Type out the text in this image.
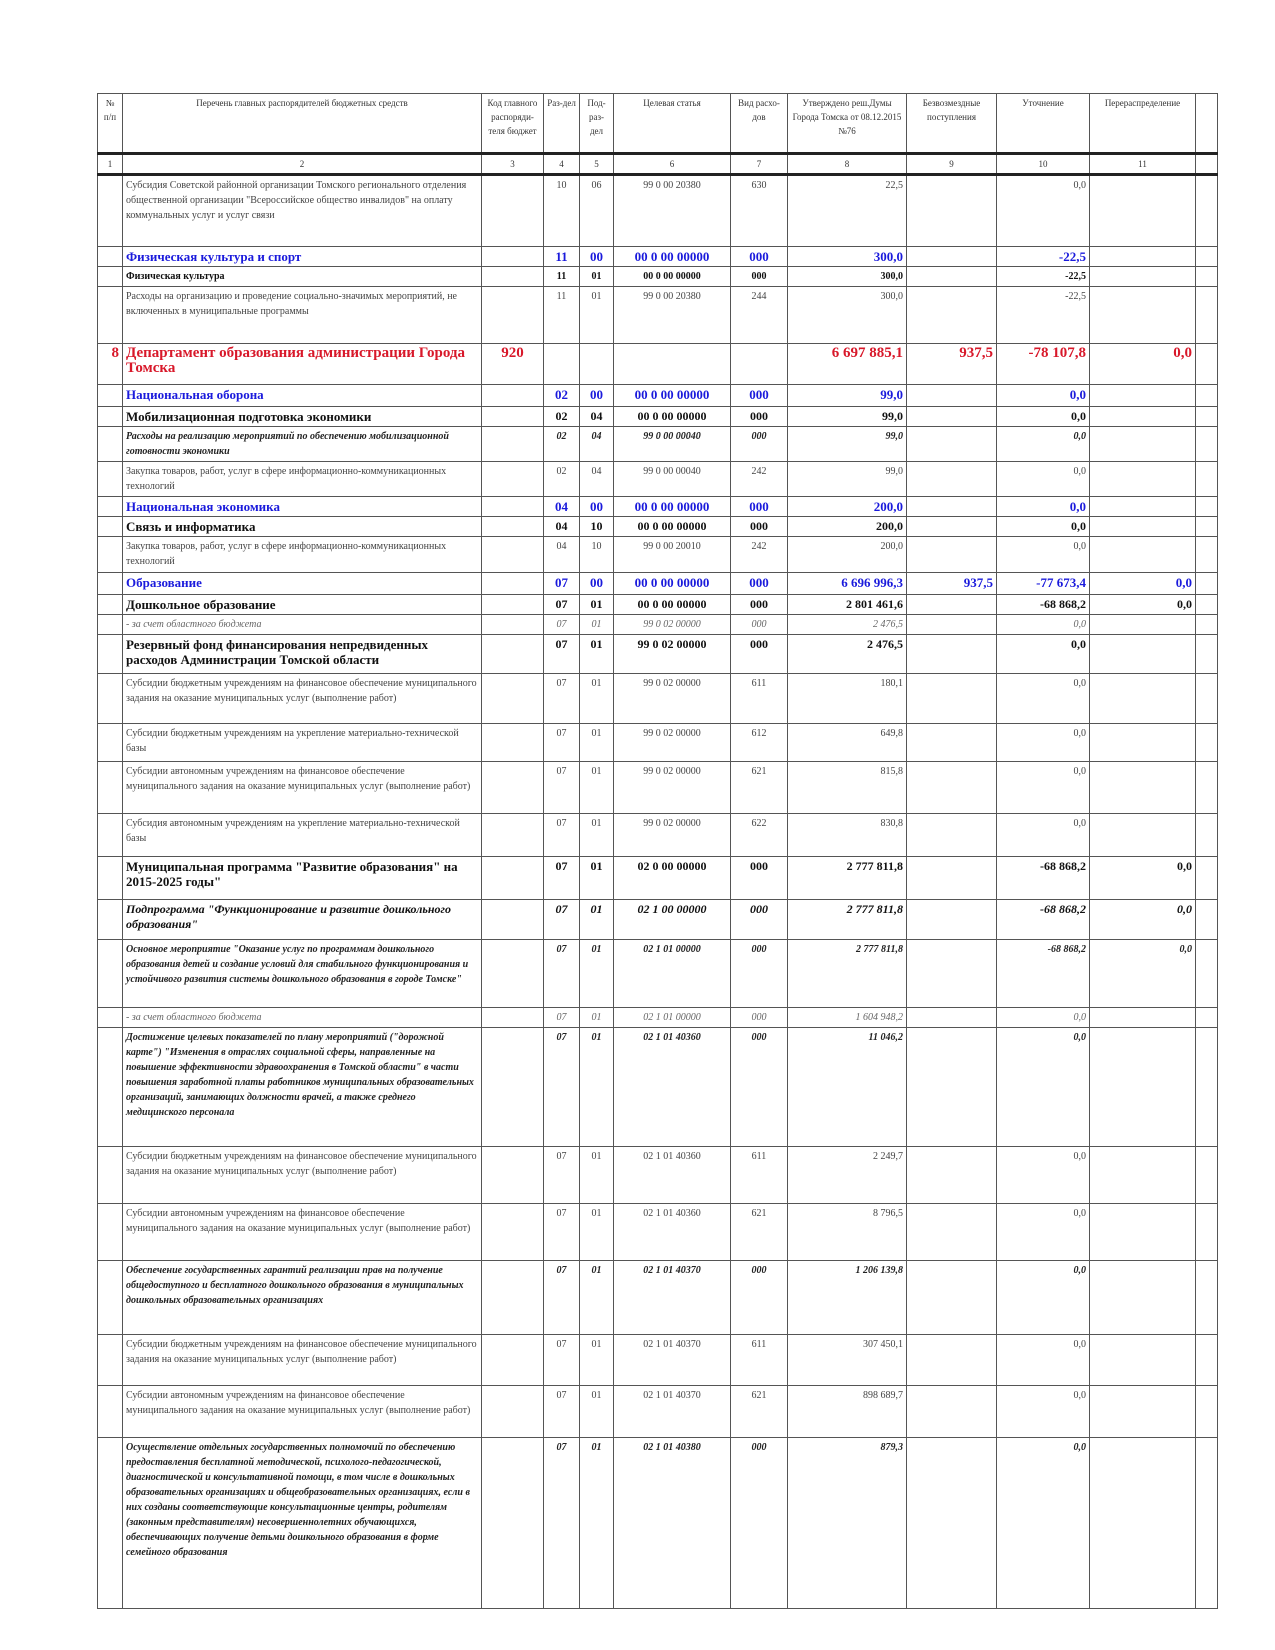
№ п/п	Перечень главных распорядителей бюджетных средств	Код главного распоряди-теля бюджет	Раз-дел	Под-раз-дел	Целевая статья	Вид расхо-дов	Утверждено реш.Думы Города Томска от 08.12.2015 №76	Безвозмездные поступления	Уточнение	Перераспределение	
1	2	3	4	5	6	7	8	9	10	11	
	Субсидия Советской районной организации Томского регионального отделения общественной организации "Всероссийское общество инвалидов" на оплату коммунальных услуг и услуг связи		10	06	99 0 00 20380	630	22,5		0,0		
	Физическая культура и спорт		11	00	00 0 00 00000	000	300,0		-22,5		
	Физическая культура		11	01	00 0 00 00000	000	300,0		-22,5		
	Расходы на организацию и проведение социально-значимых мероприятий, не включенных в муниципальные программы		11	01	99 0 00 20380	244	300,0		-22,5		
8	Департамент образования администрации Города Томска	920					6 697 885,1	937,5	-78 107,8	0,0	
	Национальная оборона		02	00	00 0 00 00000	000	99,0		0,0		
	Мобилизационная подготовка экономики		02	04	00 0 00 00000	000	99,0		0,0		
	Расходы на реализацию мероприятий по обеспечению мобилизационной готовности экономики		02	04	99 0 00 00040	000	99,0		0,0		
	Закупка товаров, работ, услуг в сфере информационно-коммуникационных технологий		02	04	99 0 00 00040	242	99,0		0,0		
	Национальная экономика		04	00	00 0 00 00000	000	200,0		0,0		
	Связь и информатика		04	10	00 0 00 00000	000	200,0		0,0		
	Закупка товаров, работ, услуг в сфере информационно-коммуникационных технологий		04	10	99 0 00 20010	242	200,0		0,0		
	Образование		07	00	00 0 00 00000	000	6 696 996,3	937,5	-77 673,4	0,0	
	Дошкольное образование		07	01	00 0 00 00000	000	2 801 461,6		-68 868,2	0,0	
	- за счет областного бюджета		07	01	99 0 02 00000	000	2 476,5		0,0		
	Резервный фонд финансирования непредвиденных расходов Администрации Томской области		07	01	99 0 02 00000	000	2 476,5		0,0		
	Субсидии бюджетным учреждениям на финансовое обеспечение муниципального задания на оказание муниципальных услуг (выполнение работ)		07	01	99 0 02 00000	611	180,1		0,0		
	Субсидии бюджетным учреждениям на укрепление материально-технической базы		07	01	99 0 02 00000	612	649,8		0,0		
	Субсидии автономным учреждениям на финансовое обеспечение муниципального задания на оказание муниципальных услуг (выполнение работ)		07	01	99 0 02 00000	621	815,8		0,0		
	Субсидия автономным учреждениям на укрепление материально-технической базы		07	01	99 0 02 00000	622	830,8		0,0		
	Муниципальная программа "Развитие образования" на 2015-2025 годы"		07	01	02 0 00 00000	000	2 777 811,8		-68 868,2	0,0	
	Подпрограмма "Функционирование и развитие дошкольного образования"		07	01	02 1 00 00000	000	2 777 811,8		-68 868,2	0,0	
	Основное мероприятие "Оказание услуг по программам дошкольного образования детей и создание условий для стабильного функционирования и устойчивого развития системы дошкольного образования в городе Томске"		07	01	02 1 01 00000	000	2 777 811,8		-68 868,2	0,0	
	- за счет областного бюджета		07	01	02 1 01 00000	000	1 604 948,2		0,0		
	Достижение целевых показателей по плану мероприятий ("дорожной карте") "Изменения в отраслях социальной сферы, направленные на повышение эффективности здравоохранения в Томской области" в части повышения заработной платы работников муниципальных образовательных организаций, занимающих должности врачей, а также среднего медицинского персонала		07	01	02 1 01 40360	000	11 046,2		0,0		
	Субсидии бюджетным учреждениям на финансовое обеспечение муниципального задания на оказание муниципальных услуг (выполнение работ)		07	01	02 1 01 40360	611	2 249,7		0,0		
	Субсидии автономным учреждениям на финансовое обеспечение муниципального задания на оказание муниципальных услуг (выполнение работ)		07	01	02 1 01 40360	621	8 796,5		0,0		
	Обеспечение государственных гарантий реализации прав на получение общедоступного и бесплатного дошкольного образования в муниципальных дошкольных образовательных организациях		07	01	02 1 01 40370	000	1 206 139,8		0,0		
	Субсидии бюджетным учреждениям на финансовое обеспечение муниципального задания на оказание муниципальных услуг (выполнение работ)		07	01	02 1 01 40370	611	307 450,1		0,0		
	Субсидии автономным учреждениям на финансовое обеспечение муниципального задания на оказание муниципальных услуг (выполнение работ)		07	01	02 1 01 40370	621	898 689,7		0,0		
	Осуществление отдельных государственных полномочий по обеспечению предоставления бесплатной методической, психолого-педагогической, диагностической и консультативной помощи, в том числе в дошкольных образовательных организациях и общеобразовательных организациях, если в них созданы соответствующие консультационные центры, родителям (законным представителям) несовершеннолетних обучающихся, обеспечивающих получение детьми дошкольного образования в форме семейного образования		07	01	02 1 01 40380	000	879,3		0,0		
